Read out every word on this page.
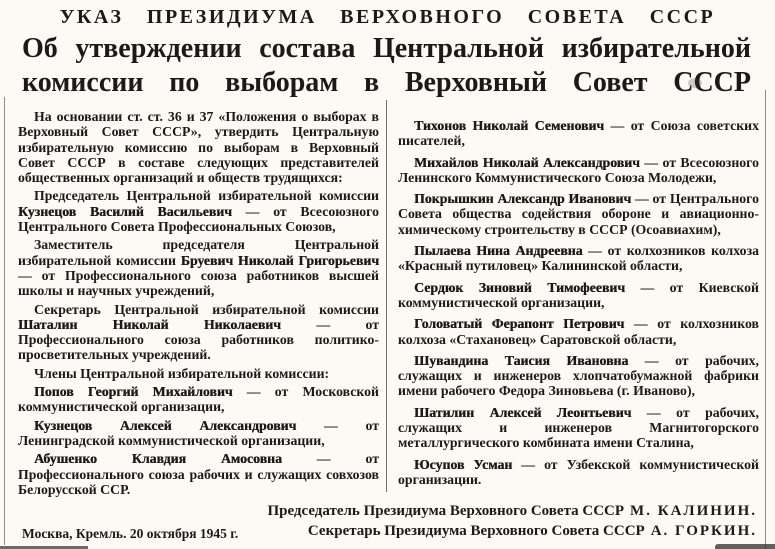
УКАЗ ПРЕЗИДИУМА ВЕРХОВНОГО СОВЕТА СССР
Об утверждении состава Центральной избирательной
комиссии по выборам в Верховный Совет СССР

На основании ст. ст. 36 и 37 «Положения о выборах в Верховный Совет СССР», утвердить Центральную избирательную комиссию по выборам в Верховный Совет СССР в составе следующих представителей общественных организаций и обществ трудящихся:

Председатель Центральной избирательной комиссии Кузнецов Василий Васильевич — от Всесоюзного Центрального Совета Профессиональных Союзов,

Заместитель председателя Центральной избирательной комиссии Бруевич Николай Григорьевич — от Профессионального союза работников высшей школы и научных учреждений,

Секретарь Центральной избирательной комиссии Шаталин Николай Николаевич	— от Профессионального союза работников политико-просветительных учреждений.

Члены Центральной избирательной комиссии:

Попов Георгий Михайлович — от Московской коммунистической организации,

Кузнецов Алексей Александрович — от Ленинградской коммунистической организации,

Абушенко Клавдия Амосовна	— от Профессионального союза рабочих и служащих совхозов Белорусской ССР.

Тихонов Николай Семенович — от Союза советских писателей,

Михайлов Николай Александрович — от Всесоюзного Ленинского Коммунистического Союза Молодежи,

Покрышкин Александр Иванович — от Центрального Совета общества содействия обороне и авиационно-химическому строительству в СССР (Осоавиахим),

Пылаева Нина Андреевна — от колхозников колхоза «Красный путиловец» Калининской области,

Сердюк Зиновий Тимофеевич — от Киевской коммунистической организации,

Головатый Ферапонт Петрович — от колхозников колхоза «Стахановец» Саратовской области,

Шувандина Таисия Ивановна — от рабочих, служащих и инженеров хлопчатобумажной фабрики имени рабочего Федора Зиновьева (г. Иваново),

Шатилин Алексей Леонтьевич — от рабочих, служащих и инженеров Магнитогорского металлургического комбината имени Сталина,

Юсупов Усман — от Узбекской коммунистической организации.

Председатель Президиума Верховного Совета СССР М. КАЛИНИН.
Секретарь Президиума Верховного Совета СССР А. ГОРКИН.
Москва, Кремль. 20 октября 1945 г.
